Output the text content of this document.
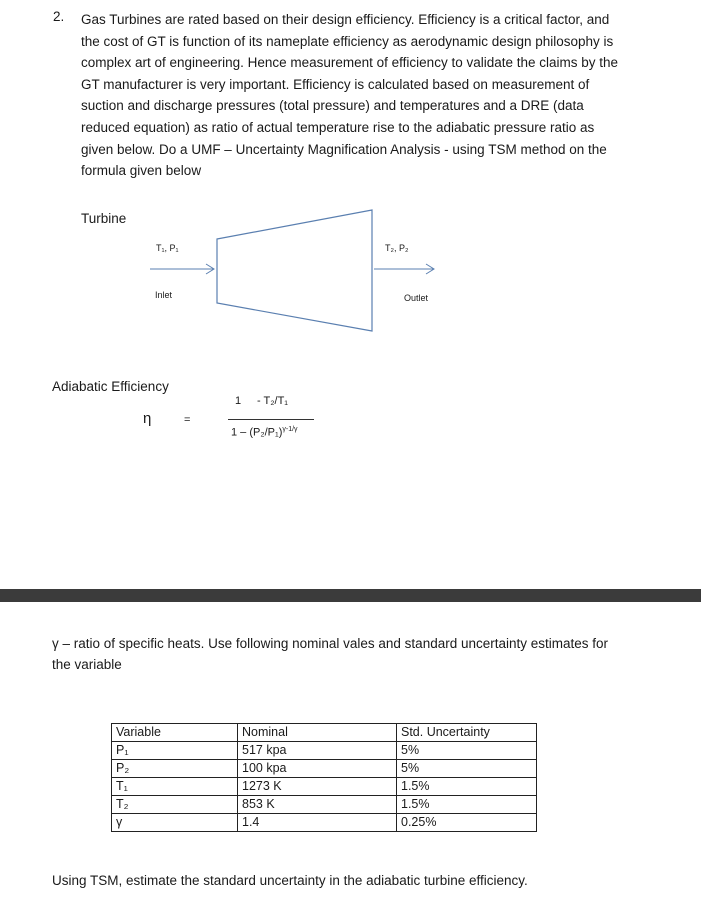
2. Gas Turbines are rated based on their design efficiency. Efficiency is a critical factor, and

the cost of GT is function of its nameplate efficiency as aerodynamic design philosophy is

complex art of engineering. Hence measurement of efficiency to validate the claims by the

GT manufacturer is very important. Efficiency is calculated based on measurement of

suction and discharge pressures (total pressure) and temperatures and a DRE (data

reduced equation) as ratio of actual temperature rise to the adiabatic pressure ratio as

given below. Do a UMF – Uncertainty Magnification Analysis - using TSM method on the

formula given below

Turbine
T₁, P₁
Inlet
T₂, P₂
Outlet
Adiabatic Efficiency
η	=
1 - T₂/T₁
$1 - (P_2/P_1)^{\gamma-1/\gamma}$
γ – ratio of specific heats. Use following nominal vales and standard uncertainty estimates for
the variable
Variable	Nominal	Std. Uncertainty
P₁	517 kpa	5%
P₂	100 kpa	5%
T₁	1273 K	1.5%
T₂	853 K	1.5%
γ	1.4	0.25%
Using TSM, estimate the standard uncertainty in the adiabatic turbine efficiency.
